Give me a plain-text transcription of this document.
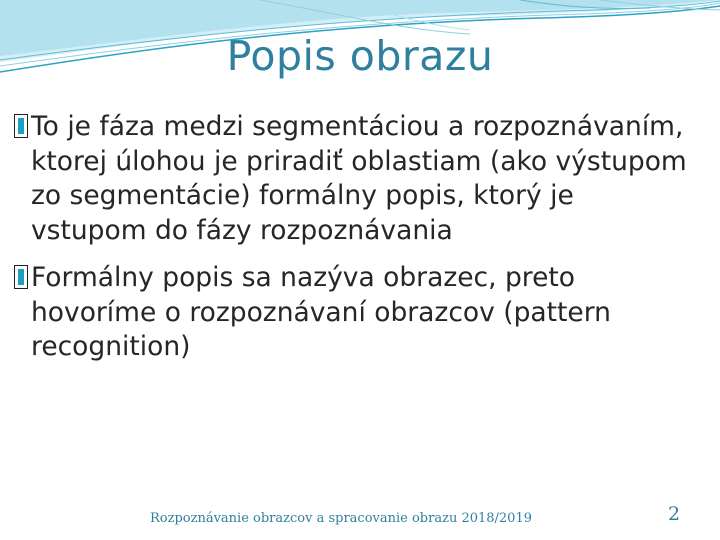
Popis obrazu
To je fáza medzi segmentáciou a rozpoznávaním, ktorej úlohou je priradiť oblastiam (ako výstupom zo segmentácie) formálny popis, ktorý je vstupom do fázy rozpoznávania
Formálny popis sa nazýva obrazec, preto hovoríme o rozpoznávaní obrazcov (pattern recognition)
Rozpoznávanie obrazcov a spracovanie obrazu 2018/2019	2
